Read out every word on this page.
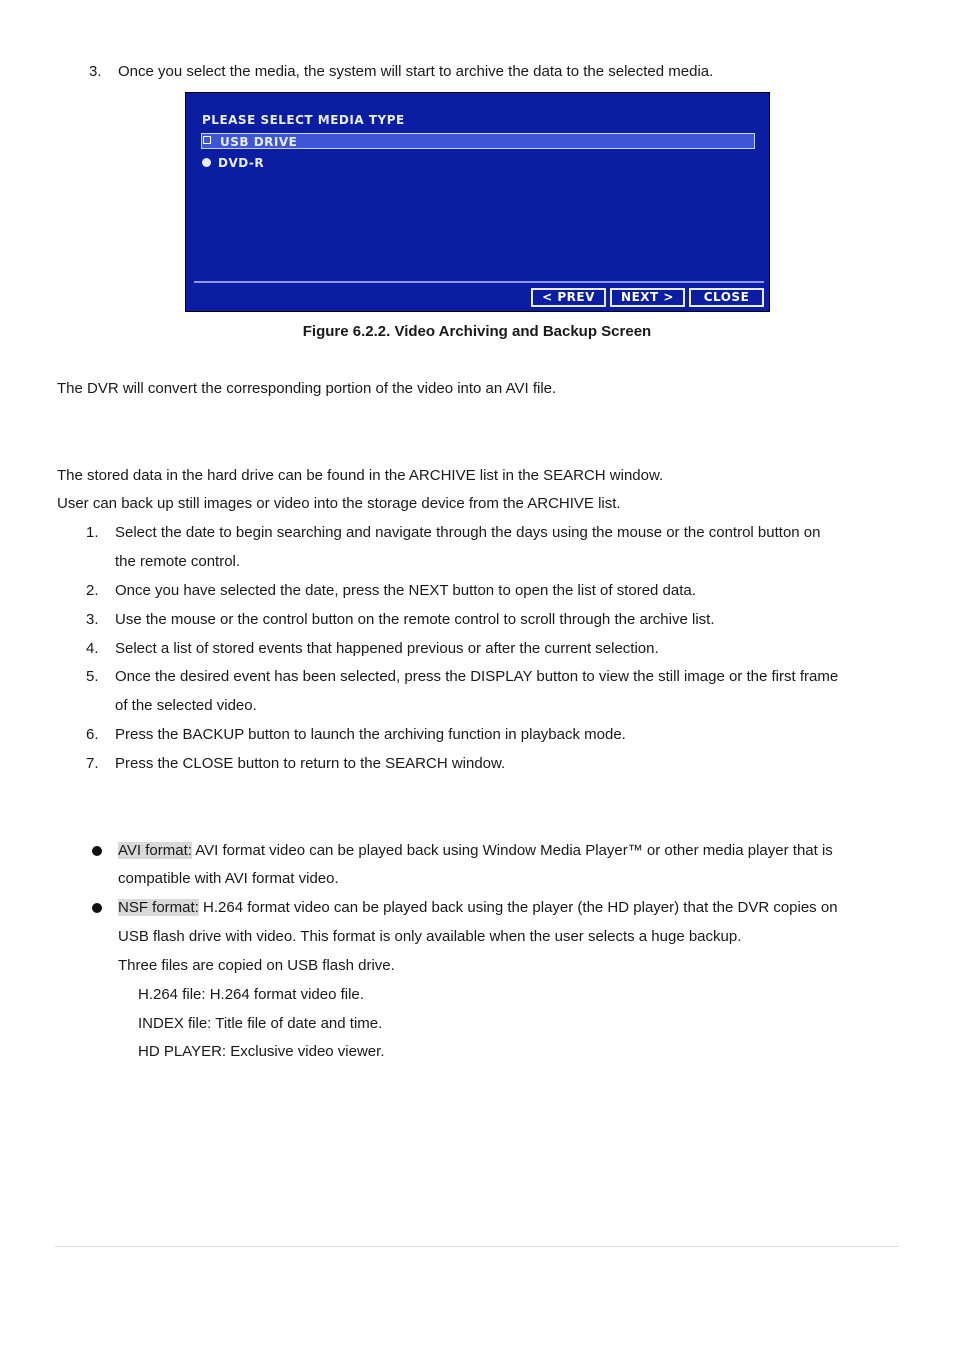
3. Once you select the media, the system will start to archive the data to the selected media.
PLEASE SELECT MEDIA TYPE
USB DRIVE
DVD-R
< PREV	NEXT >	CLOSE
Figure 6.2.2. Video Archiving and Backup Screen
The DVR will convert the corresponding portion of the video into an AVI file.
The stored data in the hard drive can be found in the ARCHIVE list in the SEARCH window.
User can back up still images or video into the storage device from the ARCHIVE list.
1.	Select the date to begin searching and navigate through the days using the mouse or the control button on
the remote control.
2.	Once you have selected the date, press the NEXT button to open the list of stored data.
3.	Use the mouse or the control button on the remote control to scroll through the archive list.
4.	Select a list of stored events that happened previous or after the current selection.
5.	Once the desired event has been selected, press the DISPLAY button to view the still image or the first frame
of the selected video.
6.	Press the BACKUP button to launch the archiving function in playback mode.
7.	Press the CLOSE button to return to the SEARCH window.
AVI format: AVI format video can be played back using Window Media Player™ or other media player that is
compatible with AVI format video.
NSF format: H.264 format video can be played back using the player (the HD player) that the DVR copies on
USB flash drive with video. This format is only available when the user selects a huge backup.
Three files are copied on USB flash drive.
H.264 file: H.264 format video file.
INDEX file: Title file of date and time.
HD PLAYER: Exclusive video viewer.
